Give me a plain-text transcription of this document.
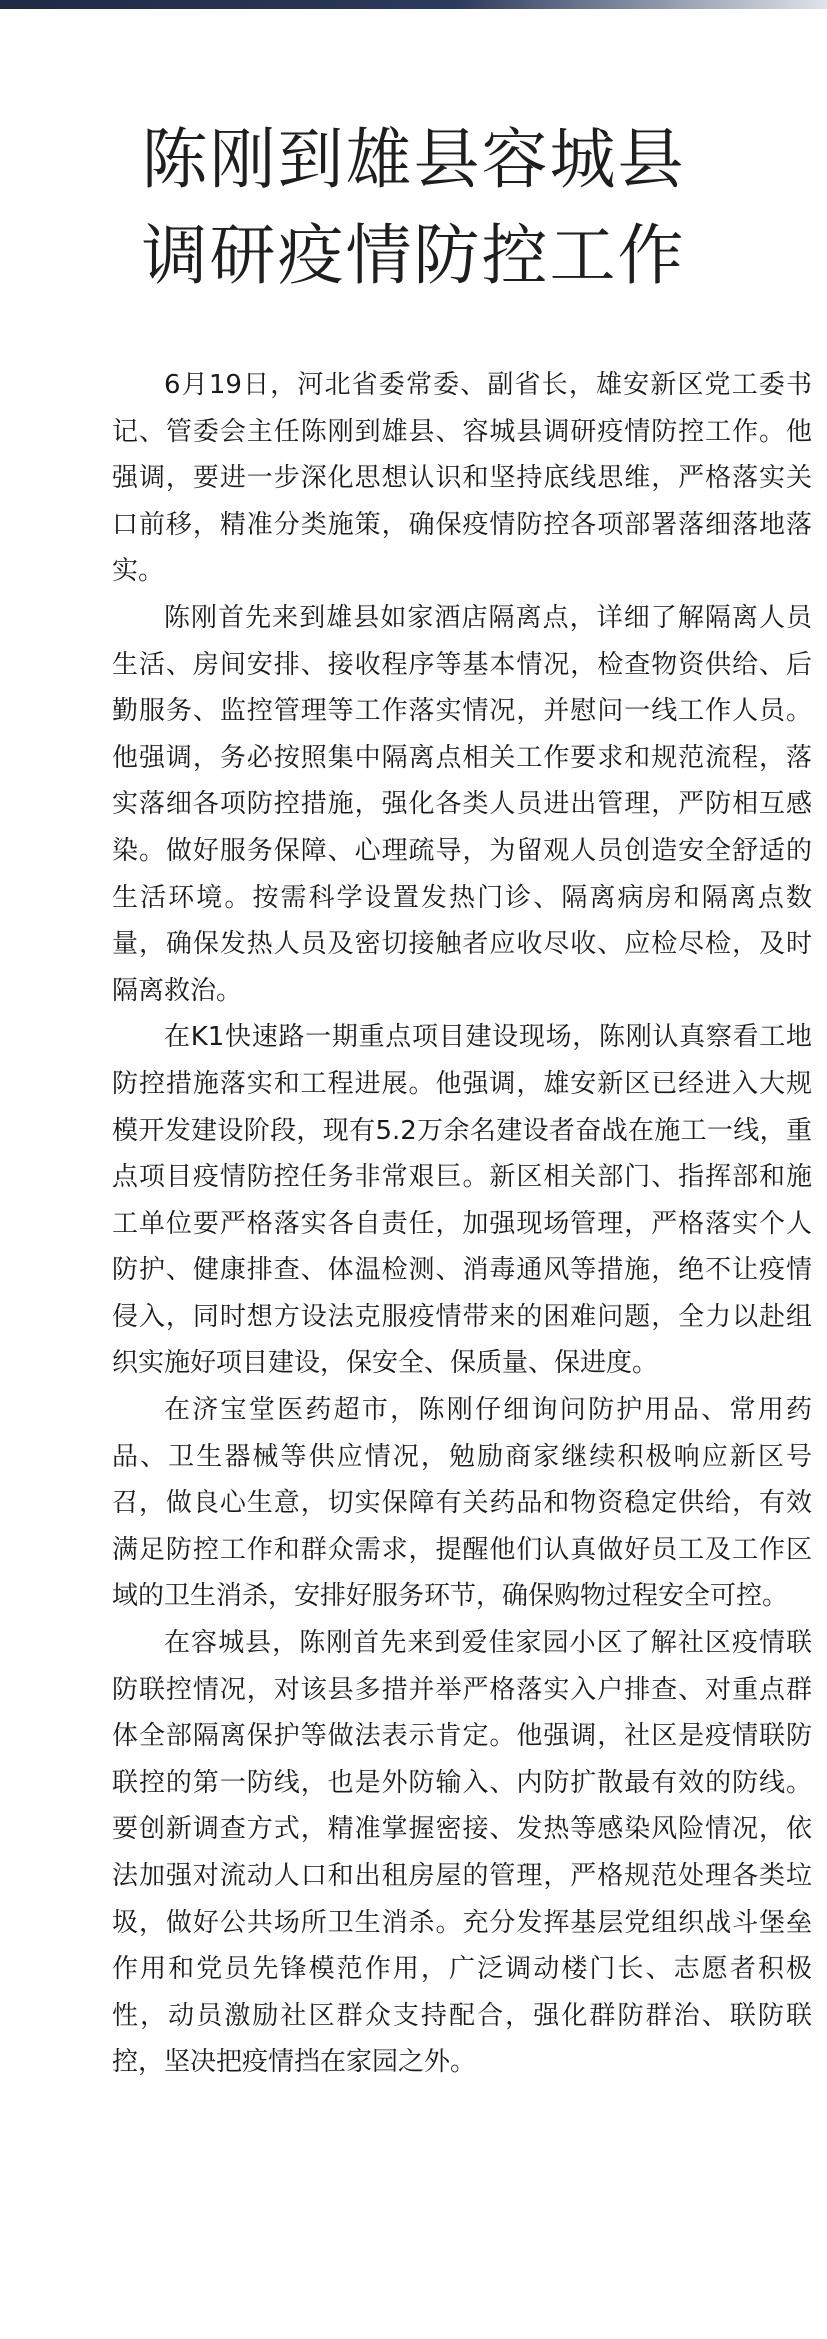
陈刚到雄县容城县
调研疫情防控工作

6月19日，河北省委常委、副省长，雄安新区党工委书记、管委会主任陈刚到雄县、容城县调研疫情防控工作。他强调，要进一步深化思想认识和坚持底线思维，严格落实关口前移，精准分类施策，确保疫情防控各项部署落细落地落实。

陈刚首先来到雄县如家酒店隔离点，详细了解隔离人员生活、房间安排、接收程序等基本情况，检查物资供给、后勤服务、监控管理等工作落实情况，并慰问一线工作人员。他强调，务必按照集中隔离点相关工作要求和规范流程，落实落细各项防控措施，强化各类人员进出管理，严防相互感染。做好服务保障、心理疏导，为留观人员创造安全舒适的生活环境。按需科学设置发热门诊、隔离病房和隔离点数量，确保发热人员及密切接触者应收尽收、应检尽检，及时隔离救治。

在K1快速路一期重点项目建设现场，陈刚认真察看工地防控措施落实和工程进展。他强调，雄安新区已经进入大规模开发建设阶段，现有5.2万余名建设者奋战在施工一线，重点项目疫情防控任务非常艰巨。新区相关部门、指挥部和施工单位要严格落实各自责任，加强现场管理，严格落实个人防护、健康排查、体温检测、消毒通风等措施，绝不让疫情侵入，同时想方设法克服疫情带来的困难问题，全力以赴组织实施好项目建设，保安全、保质量、保进度。

在济宝堂医药超市，陈刚仔细询问防护用品、常用药品、卫生器械等供应情况，勉励商家继续积极响应新区号召，做良心生意，切实保障有关药品和物资稳定供给，有效满足防控工作和群众需求，提醒他们认真做好员工及工作区域的卫生消杀，安排好服务环节，确保购物过程安全可控。

在容城县，陈刚首先来到爱佳家园小区了解社区疫情联防联控情况，对该县多措并举严格落实入户排查、对重点群体全部隔离保护等做法表示肯定。他强调，社区是疫情联防联控的第一防线，也是外防输入、内防扩散最有效的防线。要创新调查方式，精准掌握密接、发热等感染风险情况，依法加强对流动人口和出租房屋的管理，严格规范处理各类垃圾，做好公共场所卫生消杀。充分发挥基层党组织战斗堡垒作用和党员先锋模范作用，广泛调动楼门长、志愿者积极性，动员激励社区群众支持配合，强化群防群治、联防联控，坚决把疫情挡在家园之外。
